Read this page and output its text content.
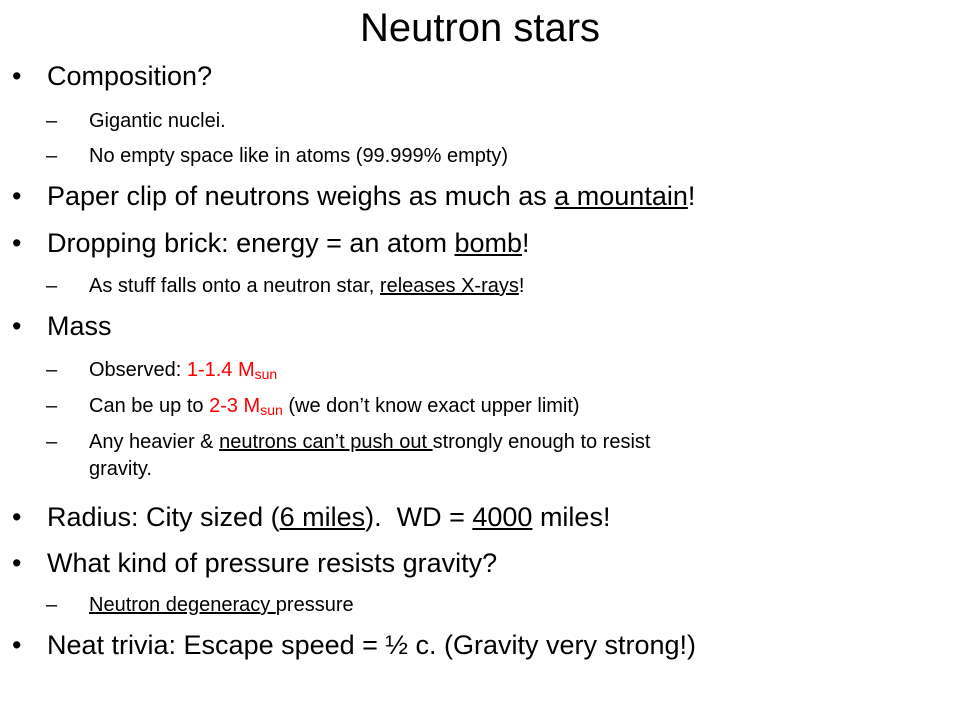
Neutron stars
• Composition?
–	Gigantic nuclei.
–	No empty space like in atoms (99.999% empty)
• Paper clip of neutrons weighs as much as a mountain!
• Dropping brick: energy = an atom bomb!
–	As stuff falls onto a neutron star, releases X-rays!
• Mass
–	Observed: 1-1.4 $M_{sun}$
–	Can be up to 2-3 $M_{sun}$ (we don’t know exact upper limit)
–	Any heavier & neutrons can’t push out strongly enough to resist
gravity.
• Radius: City sized (6 miles).  WD = 4000 miles!
• What kind of pressure resists gravity?
–	Neutron degeneracy pressure
• Neat trivia: Escape speed = ½ c. (Gravity very strong!)
